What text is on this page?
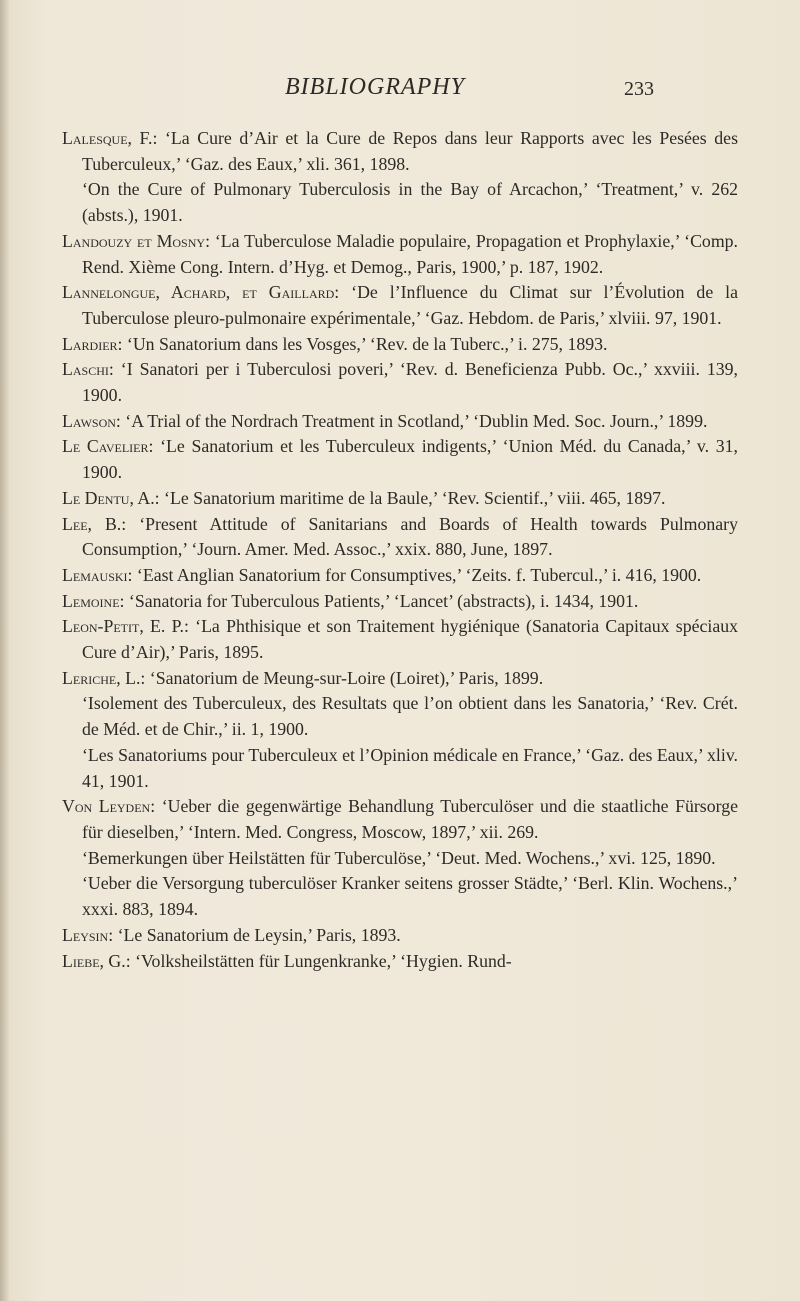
BIBLIOGRAPHY	233
Lalesque, F.: ‘La Cure d’Air et la Cure de Repos dans leur Rapports avec les Pesées des Tuberculeux,’ ‘Gaz. des Eaux,’ xli. 361, 1898.
‘On the Cure of Pulmonary Tuberculosis in the Bay of Arcachon,’ ‘Treatment,’ v. 262 (absts.), 1901.
Landouzy et Mosny: ‘La Tuberculose Maladie populaire, Propagation et Prophylaxie,’ ‘Comp. Rend. Xième Cong. Intern. d’Hyg. et Demog., Paris, 1900,’ p. 187, 1902.
Lannelongue, Achard, et Gaillard: ‘De l’Influence du Climat sur l’Évolution de la Tuberculose pleuro-pulmonaire expérimentale,’ ‘Gaz. Hebdom. de Paris,’ xlviii. 97, 1901.
Lardier: ‘Un Sanatorium dans les Vosges,’ ‘Rev. de la Tuberc.,’ i. 275, 1893.
Laschi: ‘I Sanatori per i Tuberculosi poveri,’ ‘Rev. d. Beneficienza Pubb. Oc.,’ xxviii. 139, 1900.
Lawson: ‘A Trial of the Nordrach Treatment in Scotland,’ ‘Dublin Med. Soc. Journ.,’ 1899.
Le Cavelier: ‘Le Sanatorium et les Tuberculeux indigents,’ ‘Union Méd. du Canada,’ v. 31, 1900.
Le Dentu, A.: ‘Le Sanatorium maritime de la Baule,’ ‘Rev. Scientif.,’ viii. 465, 1897.
Lee, B.: ‘Present Attitude of Sanitarians and Boards of Health towards Pulmonary Consumption,’ ‘Journ. Amer. Med. Assoc.,’ xxix. 880, June, 1897.
Lemauski: ‘East Anglian Sanatorium for Consumptives,’ ‘Zeits. f. Tubercul.,’ i. 416, 1900.
Lemoine: ‘Sanatoria for Tuberculous Patients,’ ‘Lancet’ (abstracts), i. 1434, 1901.
Leon-Petit, E. P.: ‘La Phthisique et son Traitement hygiénique (Sanatoria Capitaux spéciaux Cure d’Air),’ Paris, 1895.
Leriche, L.: ‘Sanatorium de Meung-sur-Loire (Loiret),’ Paris, 1899.
‘Isolement des Tuberculeux, des Resultats que l’on obtient dans les Sanatoria,’ ‘Rev. Crét. de Méd. et de Chir.,’ ii. 1, 1900.
‘Les Sanatoriums pour Tuberculeux et l’Opinion médicale en France,’ ‘Gaz. des Eaux,’ xliv. 41, 1901.
Von Leyden: ‘Ueber die gegenwärtige Behandlung Tuberculöser und die staatliche Fürsorge für dieselben,’ ‘Intern. Med. Congress, Moscow, 1897,’ xii. 269.
‘Bemerkungen über Heilstätten für Tuberculöse,’ ‘Deut. Med. Wochens.,’ xvi. 125, 1890.
‘Ueber die Versorgung tuberculöser Kranker seitens grosser Städte,’ ‘Berl. Klin. Wochens.,’ xxxi. 883, 1894.
Leysin: ‘Le Sanatorium de Leysin,’ Paris, 1893.
Liebe, G.: ‘Volksheilstätten für Lungenkranke,’ ‘Hygien. Rund-
